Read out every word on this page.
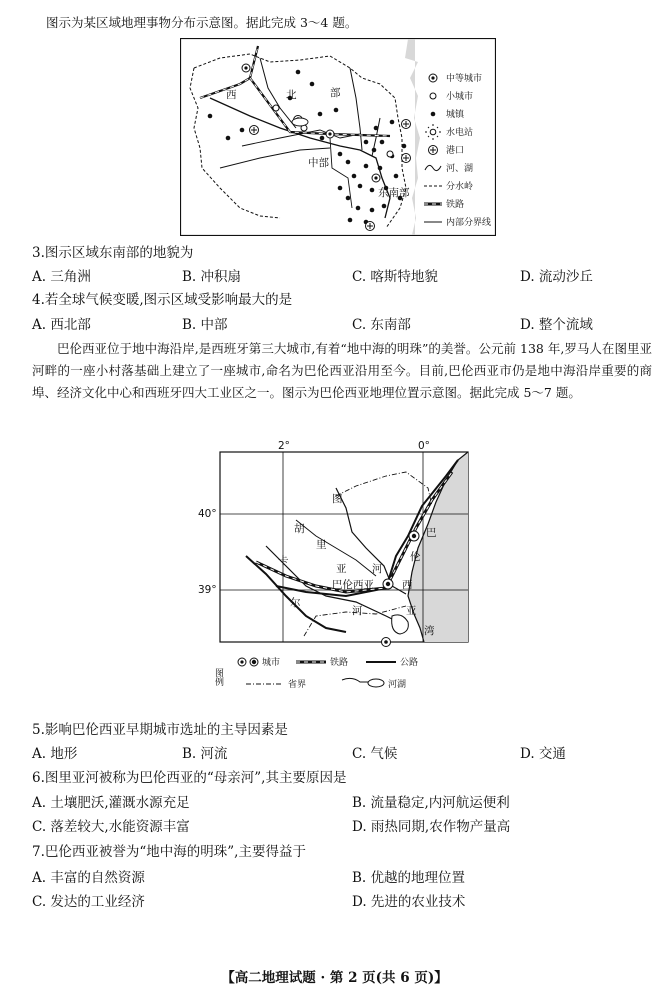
图示为某区域地理事物分布示意图。据此完成 3～4 题。
西	北	部
中部
东南部
中等城市
小城市
城镇
水电站
港口
河、湖
分水岭
铁路
内部分界线
3.图示区域东南部的地貌为
A. 三角洲	B. 冲积扇	C. 喀斯特地貌	D. 流动沙丘
4.若全球气候变暖,图示区域受影响最大的是
A. 西北部	B. 中部	C. 东南部	D. 整个流域
巴伦西亚位于地中海沿岸,是西班牙第三大城市,有着“地中海的明珠”的美誉。公元前 138 年,罗马人在图里亚河畔的一座小村落基础上建立了一座城市,命名为巴伦西亚沿用至今。目前,巴伦西亚市仍是地中海沿岸重要的商埠、经济文化中心和西班牙四大工业区之一。图示为巴伦西亚地理位置示意图。据此完成 5～7 题。
2°	0°
40°
39°
图
胡
里
卡
亚 河
巴
伦
巴伦西亚	西
亚
湾
河
尔
图例
城市	铁路	公路
省界	河湖
5.影响巴伦西亚早期城市选址的主导因素是
A. 地形	B. 河流	C. 气候	D. 交通
6.图里亚河被称为巴伦西亚的“母亲河”,其主要原因是
A. 土壤肥沃,灌溉水源充足	B. 流量稳定,内河航运便利
C. 落差较大,水能资源丰富	D. 雨热同期,农作物产量高
7.巴伦西亚被誉为“地中海的明珠”,主要得益于
A. 丰富的自然资源	B. 优越的地理位置
C. 发达的工业经济	D. 先进的农业技术
【高二地理试题 · 第 2 页(共 6 页)】
